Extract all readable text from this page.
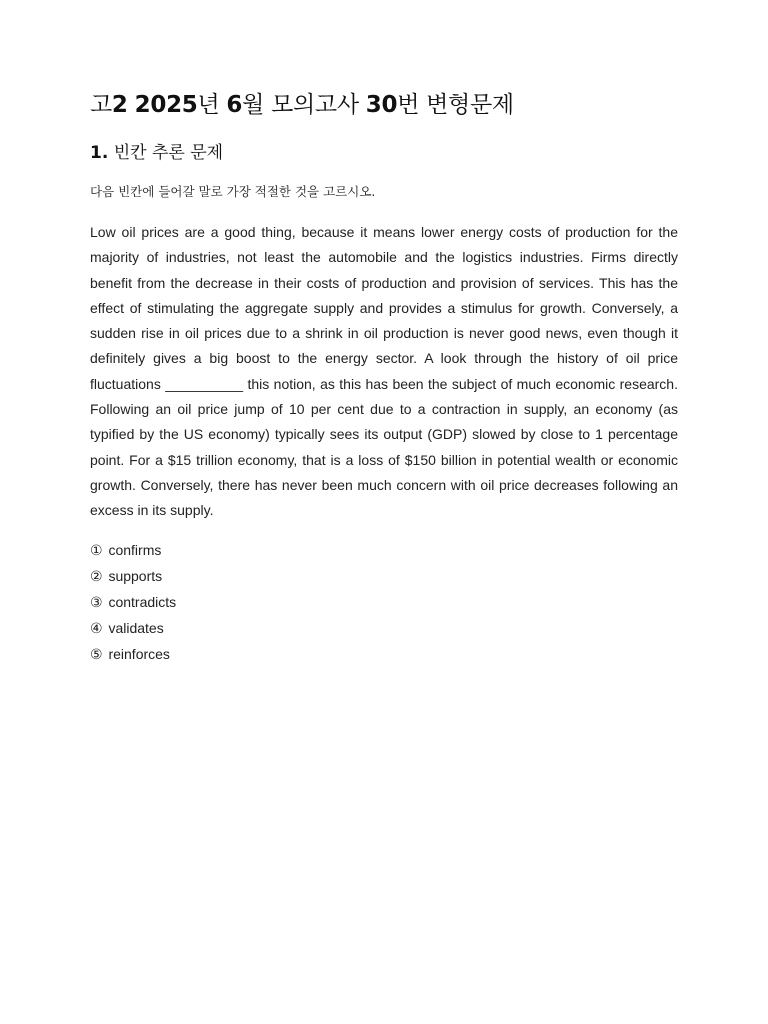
고2 2025년 6월 모의고사 30번 변형문제
1. 빈칸 추론 문제

다음 빈칸에 들어갈 말로 가장 적절한 것을 고르시오.

Low oil prices are a good thing, because it means lower energy costs of production for the majority of industries, not least the automobile and the logistics industries. Firms directly benefit from the decrease in their costs of production and provision of services. This has the effect of stimulating the aggregate supply and provides a stimulus for growth. Conversely, a sudden rise in oil prices due to a shrink in oil production is never good news, even though it definitely gives a big boost to the energy sector. A look through the history of oil price fluctuations __________ this notion, as this has been the subject of much economic research. Following an oil price jump of 10 per cent due to a contraction in supply, an economy (as typified by the US economy) typically sees its output (GDP) slowed by close to 1 percentage point. For a $15 trillion economy, that is a loss of $150 billion in potential wealth or economic growth. Conversely, there has never been much concern with oil price decreases following an excess in its supply.

① confirms
② supports
③ contradicts
④ validates
⑤ reinforces
